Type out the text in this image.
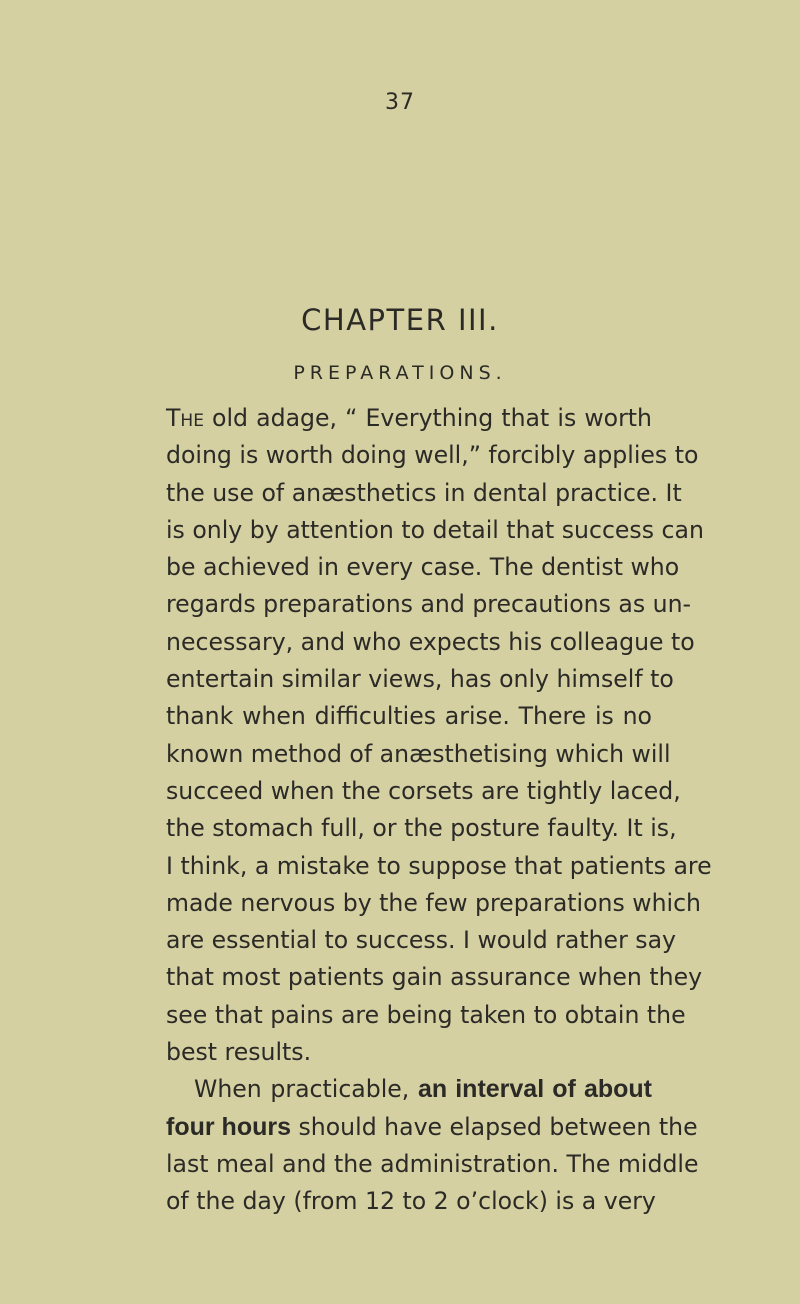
37
CHAPTER III.
PREPARATIONS.
The old adage, “ Everything that is worth
doing is worth doing well,” forcibly applies to
the use of anæsthetics in dental practice. It
is only by attention to detail that success can
be achieved in every case. The dentist who
regards preparations and precautions as un-
necessary, and who expects his colleague to
entertain similar views, has only himself to
thank when difficulties arise. There is no
known method of anæsthetising which will
succeed when the corsets are tightly laced,
the stomach full, or the posture faulty. It is,
I think, a mistake to suppose that patients are
made nervous by the few preparations which
are essential to success. I would rather say
that most patients gain assurance when they
see that pains are being taken to obtain the
best results.
When practicable, an interval of about
four hours should have elapsed between the
last meal and the administration. The middle
of the day (from 12 to 2 o’clock) is a very
